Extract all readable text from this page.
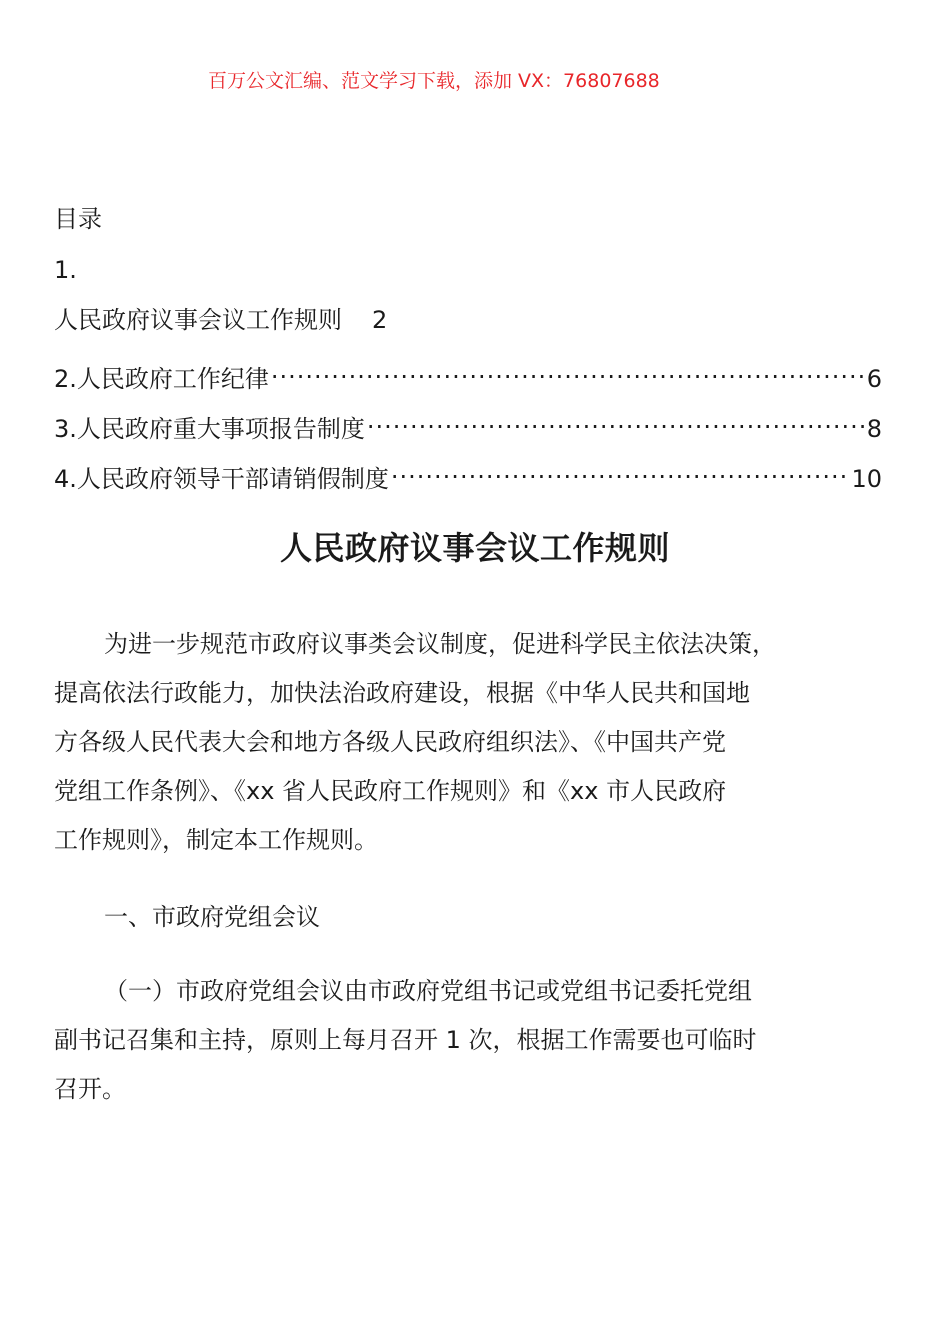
百万公文汇编、范文学习下载，添加 VX：76807688
目录
1.
人民政府议事会议工作规则 2
2.人民政府工作纪律 .....	6
3.人民政府重大事项报告制度 .....	8
4.人民政府领导干部请销假制度 .....	10
人民政府议事会议工作规则
为进一步规范市政府议事类会议制度，促进科学民主依法决策，
提高依法行政能力，加快法治政府建设，根据《中华人民共和国地
方各级人民代表大会和地方各级人民政府组织法》、《中国共产党
党组工作条例》、《xx 省人民政府工作规则》和《xx 市人民政府
工作规则》，制定本工作规则。
一、市政府党组会议
（一）市政府党组会议由市政府党组书记或党组书记委托党组
副书记召集和主持，原则上每月召开 1 次，根据工作需要也可临时
召开。
